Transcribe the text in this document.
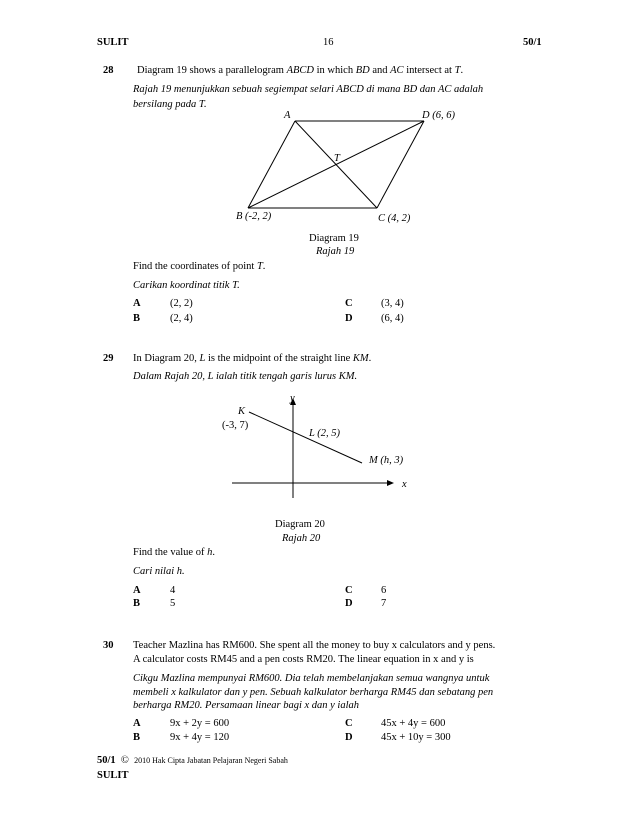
SULIT	16	50/1
28 Diagram 19 shows a parallelogram ABCD in which BD and AC intersect at T.
Rajah 19 menunjukkan sebuah segiempat selari ABCD di mana BD dan AC adalah
bersilang pada T.
A	D (6, 6)
T
B (-2, 2)	C (4, 2)
Diagram 19
Rajah 19
Find the coordinates of point T.
Carikan koordinat titik T.
A	(2, 2)
B	(2, 4)
C	(3, 4)
D	(6, 4)
29 In Diagram 20, L is the midpoint of the straight line KM.
Dalam Rajah 20, L ialah titik tengah garis lurus KM.
y
x
K
(-3, 7)
L (2, 5)
M (h, 3)
Diagram 20
Rajah 20
Find the value of h.
Cari nilai h.
A	4
B	5
C	6
D	7
30 Teacher Mazlina has RM600. She spent all the money to buy x calculators and y pens.
A calculator costs RM45 and a pen costs RM20. The linear equation in x and y is
Cikgu Mazlina mempunyai RM600. Dia telah membelanjakan semua wangnya untuk
membeli x kalkulator dan y pen. Sebuah kalkulator berharga RM45 dan sebatang pen
berharga RM20. Persamaan linear bagi x dan y ialah
A	9x + 2y = 600
B	9x + 4y = 120
C	45x + 4y = 600
D	45x + 10y = 300
50/1 © 2010 Hak Cipta Jabatan Pelajaran Negeri Sabah
SULIT
